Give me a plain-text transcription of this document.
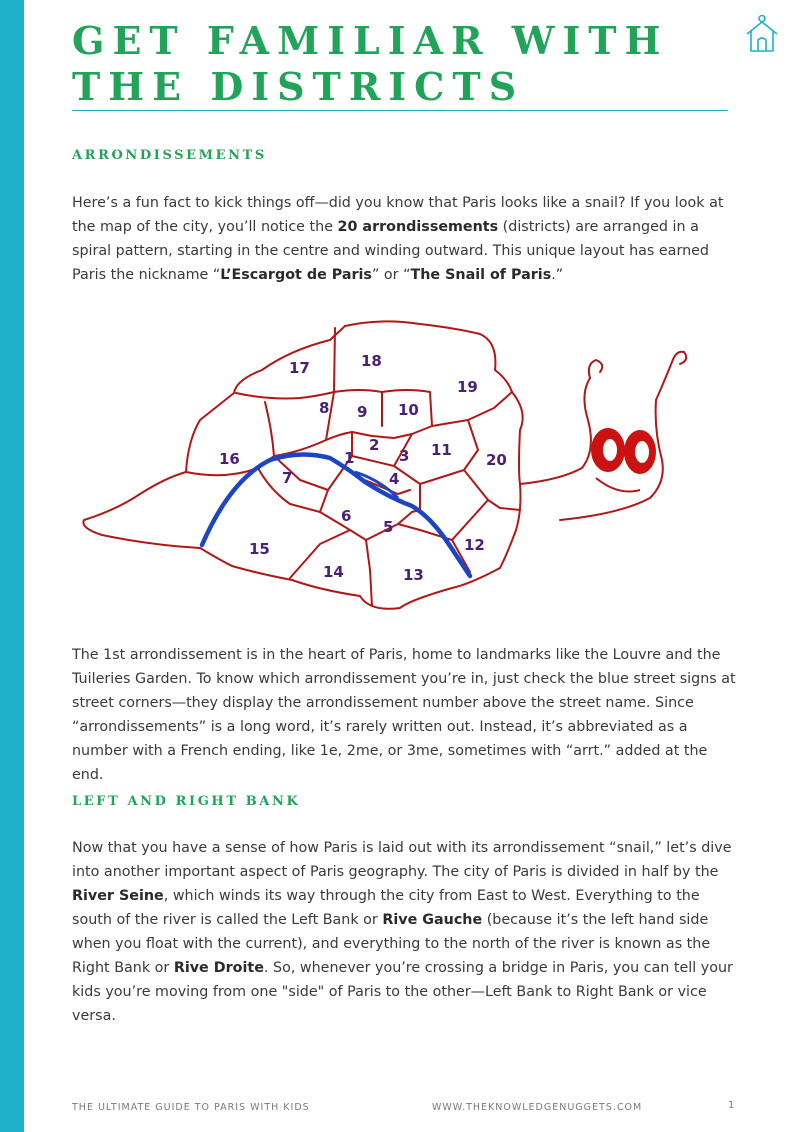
GET FAMILIAR WITH
THE DISTRICTS
ARRONDISSEMENTS

Here’s a fun fact to kick things off—did you know that Paris looks like a snail? If you look at the map of the city, you’ll notice the 20 arrondissements (districts) are arranged in a spiral pattern, starting in the centre and winding outward. This unique layout has earned Paris the nickname “L’Escargot de Paris” or “The Snail of Paris.”

1
2
3
4
5
6
7
8 9 10
11
12
13
14
15
16
17	18
19
20

The 1st arrondissement is in the heart of Paris, home to landmarks like the Louvre and the Tuileries Garden. To know which arrondissement you’re in, just check the blue street signs at street corners—they display the arrondissement number above the street name. Since “arrondissements” is a long word, it’s rarely written out. Instead, it’s abbreviated as a number with a French ending, like 1e, 2me, or 3me, sometimes with “arrt.” added at the end.

LEFT AND RIGHT BANK

Now that you have a sense of how Paris is laid out with its arrondissement “snail,” let’s dive into another important aspect of Paris geography. The city of Paris is divided in half by the River Seine, which winds its way through the city from East to West. Everything to the south of the river is called the Left Bank or Rive Gauche (because it’s the left hand side when you float with the current), and everything to the north of the river is known as the Right Bank or Rive Droite. So, whenever you’re crossing a bridge in Paris, you can tell your kids you’re moving from one "side" of Paris to the other—Left Bank to Right Bank or vice versa.

THE ULTIMATE GUIDE TO PARIS WITH KIDS	WWW.THEKNOWLEDGENUGGETS.COM	1
